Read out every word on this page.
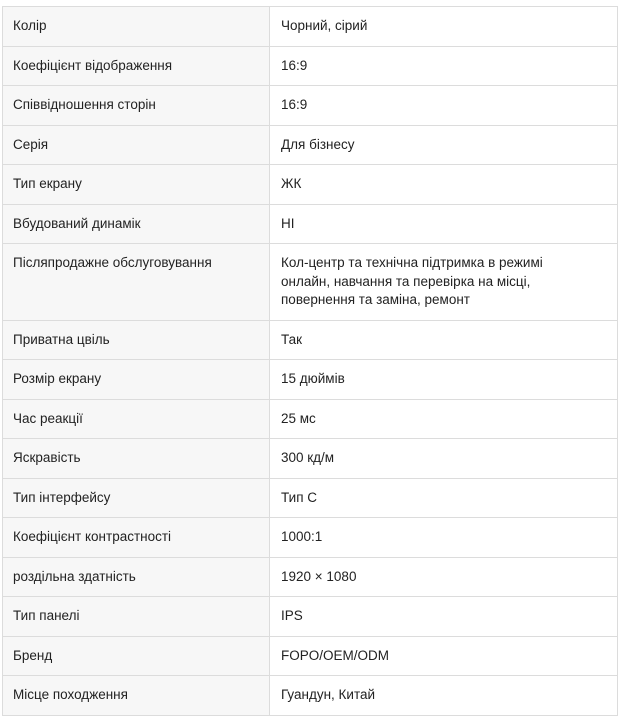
Колір	Чорний, сірий
Коефіцієнт відображення	16:9
Співвідношення сторін	16:9
Серія	Для бізнесу
Тип екрану	ЖК
Вбудований динамік	НІ
Післяпродажне обслуговування	Кол-центр та технічна підтримка в режимі онлайн, навчання та перевірка на місці, повернення та заміна, ремонт
Приватна цвіль	Так
Розмір екрану	15 дюймів
Час реакції	25 мс
Яскравість	300 кд/м
Тип інтерфейсу	Тип C
Коефіцієнт контрастності	1000:1
роздільна здатність	1920 × 1080
Тип панелі	IPS
Бренд	FOPO/OEM/ODM
Місце походження	Гуандун, Китай
